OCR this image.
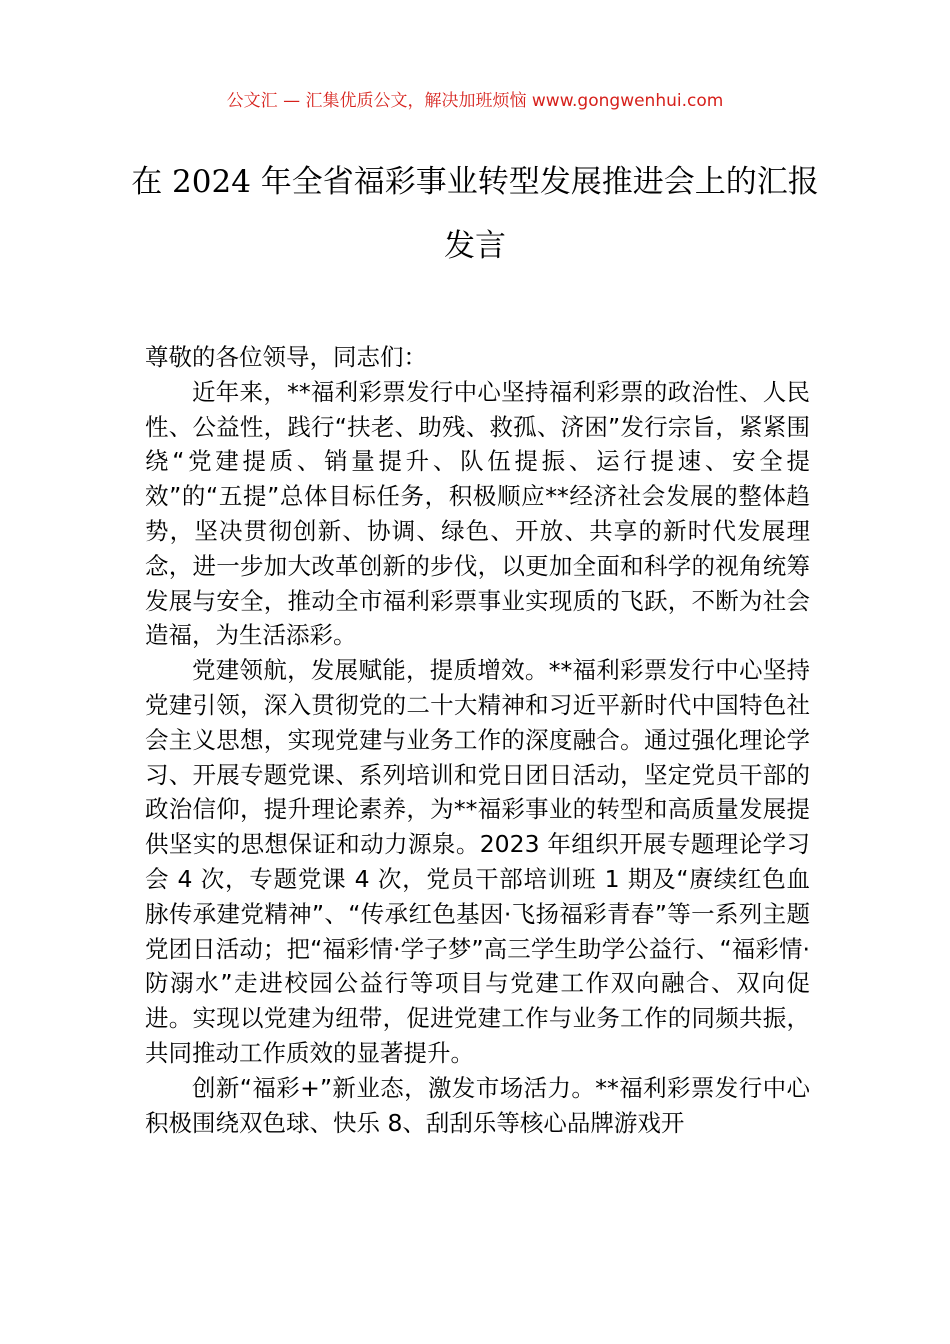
公文汇 — 汇集优质公文，解决加班烦恼 www.gongwenhui.com
在 2024 年全省福彩事业转型发展推进会上的汇报发言

尊敬的各位领导，同志们：

近年来，**福利彩票发行中心坚持福利彩票的政治性、人民性、公益性，践行“扶老、助残、救孤、济困”发行宗旨，紧紧围绕“党建提质、销量提升、队伍提振、运行提速、安全提效”的“五提”总体目标任务，积极顺应**经济社会发展的整体趋势，坚决贯彻创新、协调、绿色、开放、共享的新时代发展理念，进一步加大改革创新的步伐，以更加全面和科学的视角统筹发展与安全，推动全市福利彩票事业实现质的飞跃，不断为社会造福，为生活添彩。

党建领航，发展赋能，提质增效。**福利彩票发行中心坚持党建引领，深入贯彻党的二十大精神和习近平新时代中国特色社会主义思想，实现党建与业务工作的深度融合。通过强化理论学习、开展专题党课、系列培训和党日团日活动，坚定党员干部的政治信仰，提升理论素养，为**福彩事业的转型和高质量发展提供坚实的思想保证和动力源泉。2023 年组织开展专题理论学习会 4 次，专题党课 4 次，党员干部培训班 1 期及“赓续红色血脉传承建党精神”、“传承红色基因·飞扬福彩青春”等一系列主题党团日活动；把“福彩情·学子梦”高三学生助学公益行、“福彩情·防溺水”走进校园公益行等项目与党建工作双向融合、双向促进。实现以党建为纽带，促进党建工作与业务工作的同频共振，共同推动工作质效的显著提升。

创新“福彩+”新业态，激发市场活力。**福利彩票发行中心积极围绕双色球、快乐 8、刮刮乐等核心品牌游戏开
